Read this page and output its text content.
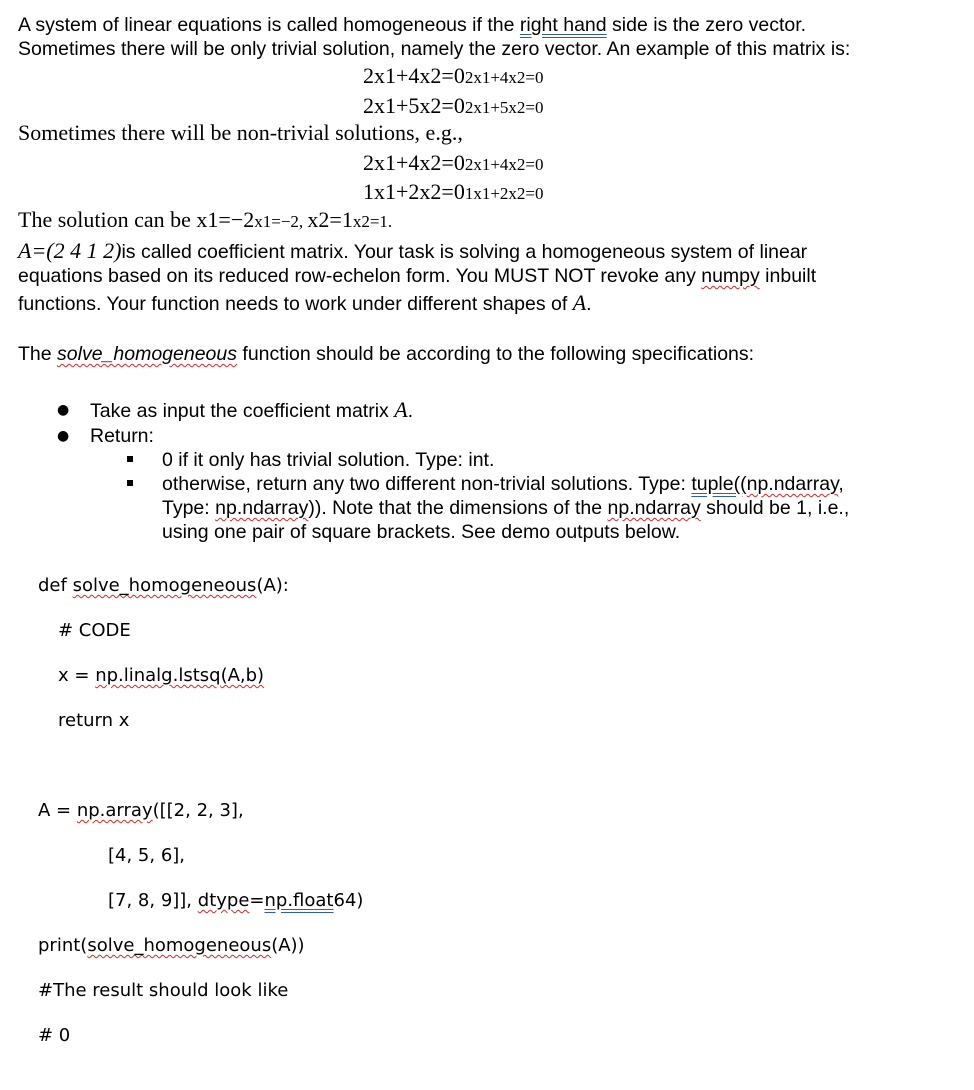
A system of linear equations is called homogeneous if the right hand side is the zero vector.
Sometimes there will be only trivial solution, namely the zero vector. An example of this matrix is:
2x1+4x2=02x1+4x2=0
2x1+5x2=02x1+5x2=0
Sometimes there will be non-trivial solutions, e.g.,
2x1+4x2=02x1+4x2=0
1x1+2x2=01x1+2x2=0
The solution can be x1=−2x1=−2, x2=1x2=1.
A=(2 4 1 2)is called coefficient matrix. Your task is solving a homogeneous system of linear
equations based on its reduced row-echelon form. You MUST NOT revoke any numpy inbuilt
functions. Your function needs to work under different shapes of A.
The solve_homogeneous function should be according to the following specifications:
● Take as input the coefficient matrix A.
● Return:
0 if it only has trivial solution. Type: int.
otherwise, return any two different non-trivial solutions. Type: tuple((np.ndarray,
Type: np.ndarray)). Note that the dimensions of the np.ndarray should be 1, i.e.,
using one pair of square brackets. See demo outputs below.
def solve_homogeneous(A):
# CODE
x = np.linalg.lstsq(A,b)
return x
A = np.array([[2, 2, 3],
[4, 5, 6],
[7, 8, 9]], dtype=np.float64)
print(solve_homogeneous(A))
#The result should look like
# 0
